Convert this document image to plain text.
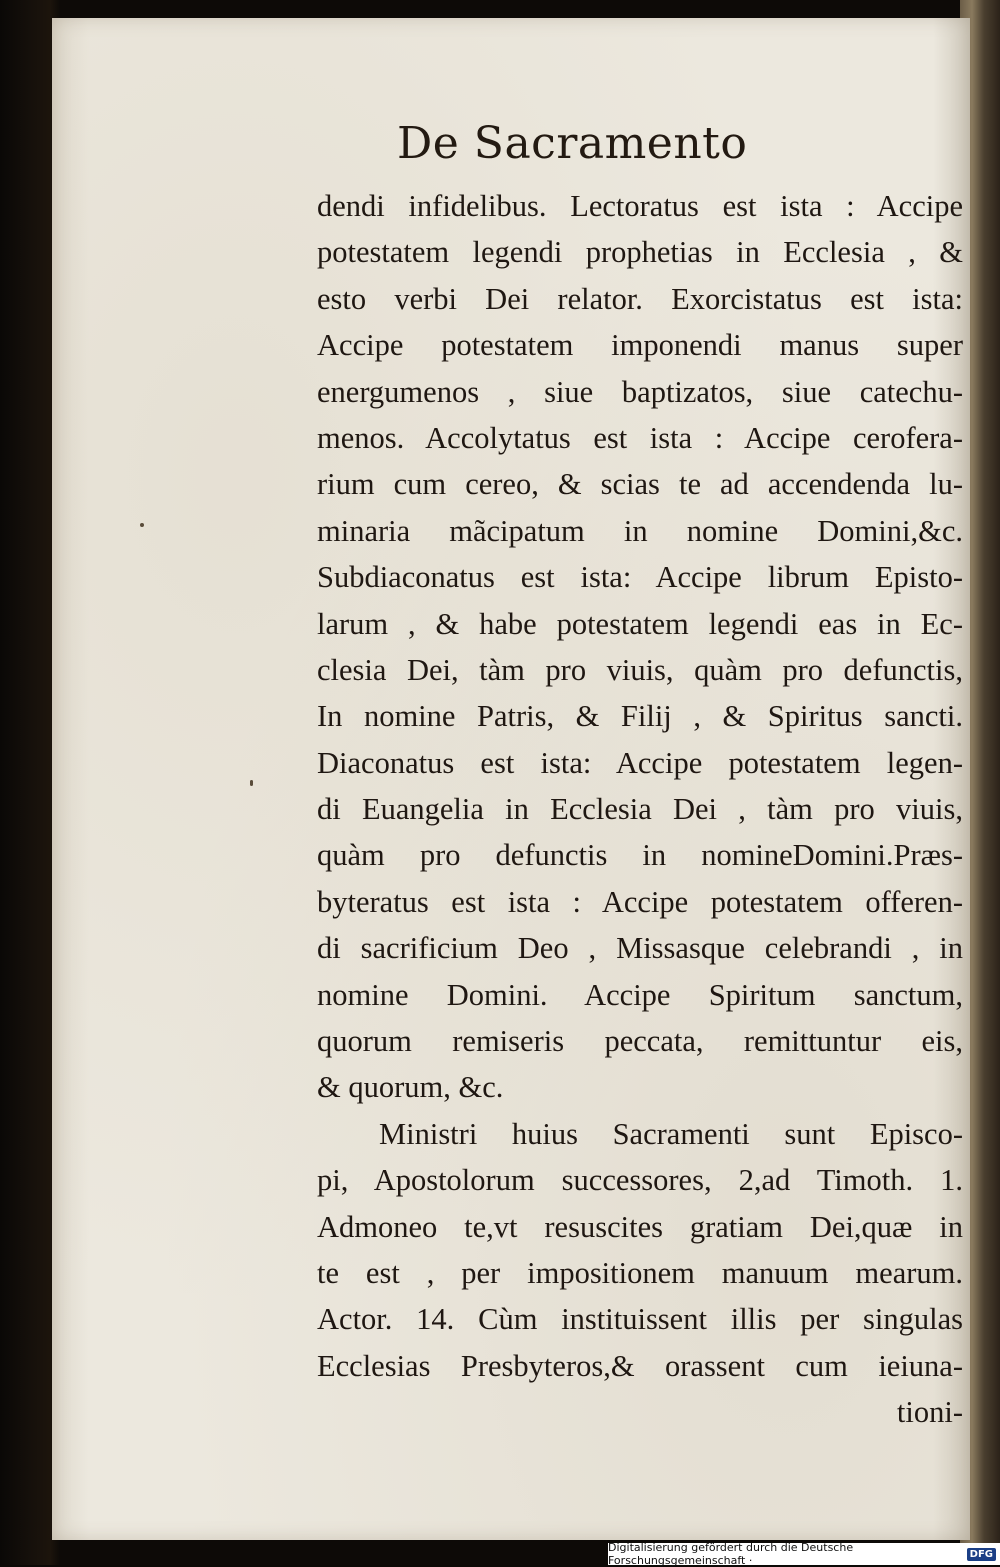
De Sacramento
dendi infidelibus. Lectoratus est ista : Accipe
potestatem legendi prophetias in Ecclesia , &
esto verbi Dei relator. Exorcistatus est ista:
Accipe potestatem imponendi manus super
energumenos , siue baptizatos, siue catechu-
menos. Accolytatus est ista : Accipe cerofera-
rium cum cereo, & scias te ad accendenda lu-
minaria mãcipatum in nomine Domini,&c.
Subdiaconatus est ista: Accipe librum Episto-
larum , & habe potestatem legendi eas in Ec-
clesia Dei, tàm pro viuis, quàm pro defunctis,
In nomine Patris, & Filij , & Spiritus sancti.
Diaconatus est ista: Accipe potestatem legen-
di Euangelia in Ecclesia Dei , tàm pro viuis,
quàm pro defunctis in nomineDomini.Præs-
byteratus est ista : Accipe potestatem offeren-
di sacrificium Deo , Missasque celebrandi , in
nomine Domini. Accipe Spiritum sanctum,
quorum remiseris peccata, remittuntur eis,
& quorum, &c.
Ministri huius Sacramenti sunt Episco-
pi, Apostolorum successores, 2,ad Timoth. 1.
Admoneo te,vt resuscites gratiam Dei,quæ in
te est , per impositionem manuum mearum.
Actor. 14. Cùm instituissent illis per singulas
Ecclesias Presbyteros,& orassent cum ieiuna-
tioni-
Digitalisierung gefördert durch die Deutsche Forschungsgemeinschaft ·	DFG
